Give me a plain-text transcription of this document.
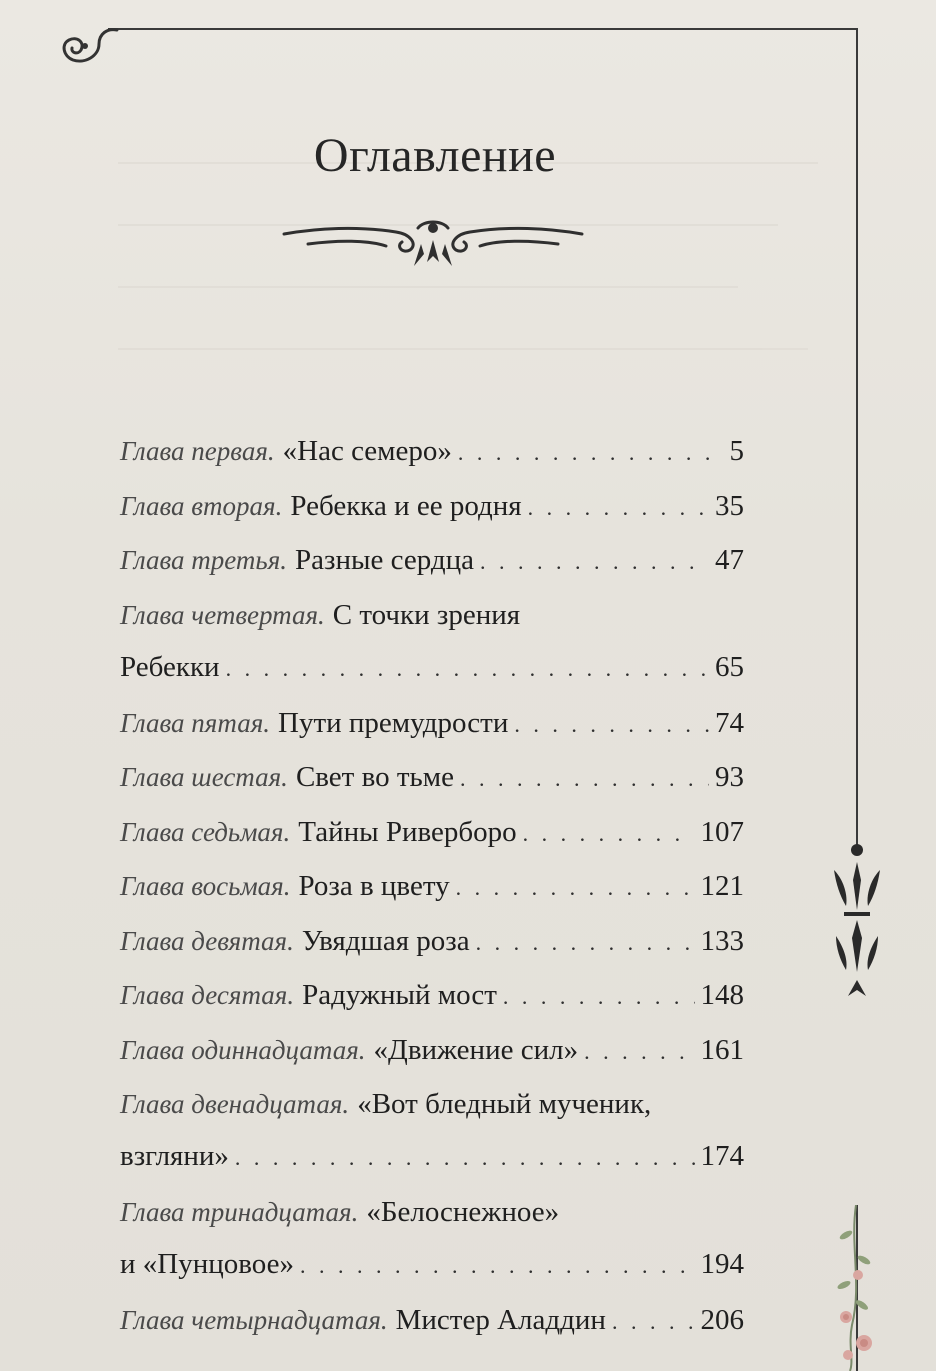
Оглавление
Глава первая. «Нас семеро» . . .	5
Глава вторая. Ребекка и ее родня . . .	35
Глава третья. Разные сердца . . .	47
Глава четвертая. С точки зрения
Ребекки . . .	65
Глава пятая. Пути премудрости . . .	74
Глава шестая. Свет во тьме . . .	93
Глава седьмая. Тайны Риверборо . . .	107
Глава восьмая. Роза в цвету . . .	121
Глава девятая. Увядшая роза . . .	133
Глава десятая. Радужный мост . . .	148
Глава одиннадцатая. «Движение сил» . . .	161
Глава двенадцатая. «Вот бледный мученик,
взгляни» . . .	174
Глава тринадцатая. «Белоснежное»
и «Пунцовое» . . .	194
Глава четырнадцатая. Мистер Аладдин . . .	206
